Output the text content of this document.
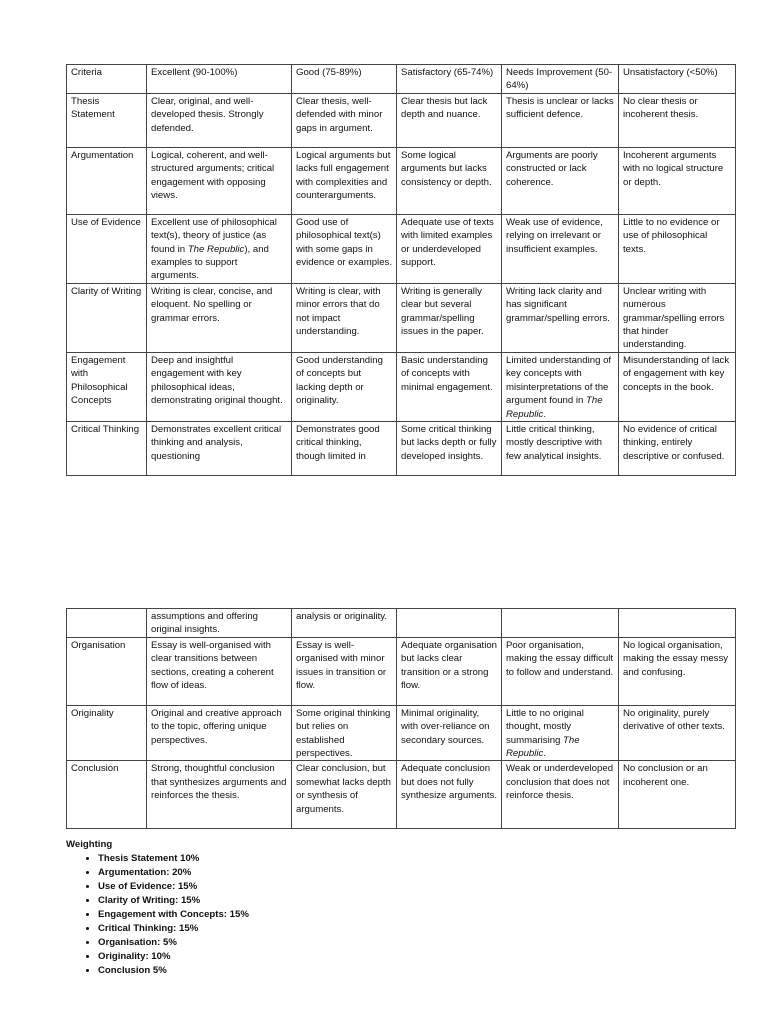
Criteria	Excellent (90-100%)	Good (75-89%)	Satisfactory (65-74%)	Needs Improvement (50-64%)	Unsatisfactory (<50%)
Thesis Statement	Clear, original, and well-developed thesis. Strongly defended.	Clear thesis, well-defended with minor gaps in argument.	Clear thesis but lack depth and nuance.	Thesis is unclear or lacks sufficient defence.	No clear thesis or incoherent thesis.
Argumentation	Logical, coherent, and well-structured arguments; critical engagement with opposing views.	Logical arguments but lacks full engagement with complexities and counterarguments.	Some logical arguments but lacks consistency or depth.	Arguments are poorly constructed or lack coherence.	Incoherent arguments with no logical structure or depth.
Use of Evidence	Excellent use of philosophical text(s), theory of justice (as found in The Republic), and examples to support arguments.	Good use of philosophical text(s) with some gaps in evidence or examples.	Adequate use of texts with limited examples or underdeveloped support.	Weak use of evidence, relying on irrelevant or insufficient examples.	Little to no evidence or use of philosophical texts.
Clarity of Writing	Writing is clear, concise, and eloquent. No spelling or grammar errors.	Writing is clear, with minor errors that do not impact understanding.	Writing is generally clear but several grammar/spelling issues in the paper.	Writing lack clarity and has significant grammar/spelling errors.	Unclear writing with numerous grammar/spelling errors that hinder understanding.
Engagement with Philosophical Concepts	Deep and insightful engagement with key philosophical ideas, demonstrating original thought.	Good understanding of concepts but lacking depth or originality.	Basic understanding of concepts with minimal engagement.	Limited understanding of key concepts with misinterpretations of the argument found in The Republic.	Misunderstanding of lack of engagement with key concepts in the book.
Critical Thinking	Demonstrates excellent critical thinking and analysis, questioning	Demonstrates good critical thinking, though limited in	Some critical thinking but lacks depth or fully developed insights.	Little critical thinking, mostly descriptive with few analytical insights.	No evidence of critical thinking, entirely descriptive or confused.
	assumptions and offering original insights.	analysis or originality.			
Organisation	Essay is well-organised with clear transitions between sections, creating a coherent flow of ideas.	Essay is well-organised with minor issues in transition or flow.	Adequate organisation but lacks clear transition or a strong flow.	Poor organisation, making the essay difficult to follow and understand.	No logical organisation, making the essay messy and confusing.
Originality	Original and creative approach to the topic, offering unique perspectives.	Some original thinking but relies on established perspectives.	Minimal originality, with over-reliance on secondary sources.	Little to no original thought, mostly summarising The Republic.	No originality, purely derivative of other texts.
Conclusion	Strong, thoughtful conclusion that synthesizes arguments and reinforces the thesis.	Clear conclusion, but somewhat lacks depth or synthesis of arguments.	Adequate conclusion but does not fully synthesize arguments.	Weak or underdeveloped conclusion that does not reinforce thesis.	No conclusion or an incoherent one.
Weighting
• Thesis Statement 10%
• Argumentation: 20%
• Use of Evidence: 15%
• Clarity of Writing: 15%
• Engagement with Concepts: 15%
• Critical Thinking: 15%
• Organisation: 5%
• Originality: 10%
• Conclusion 5%
